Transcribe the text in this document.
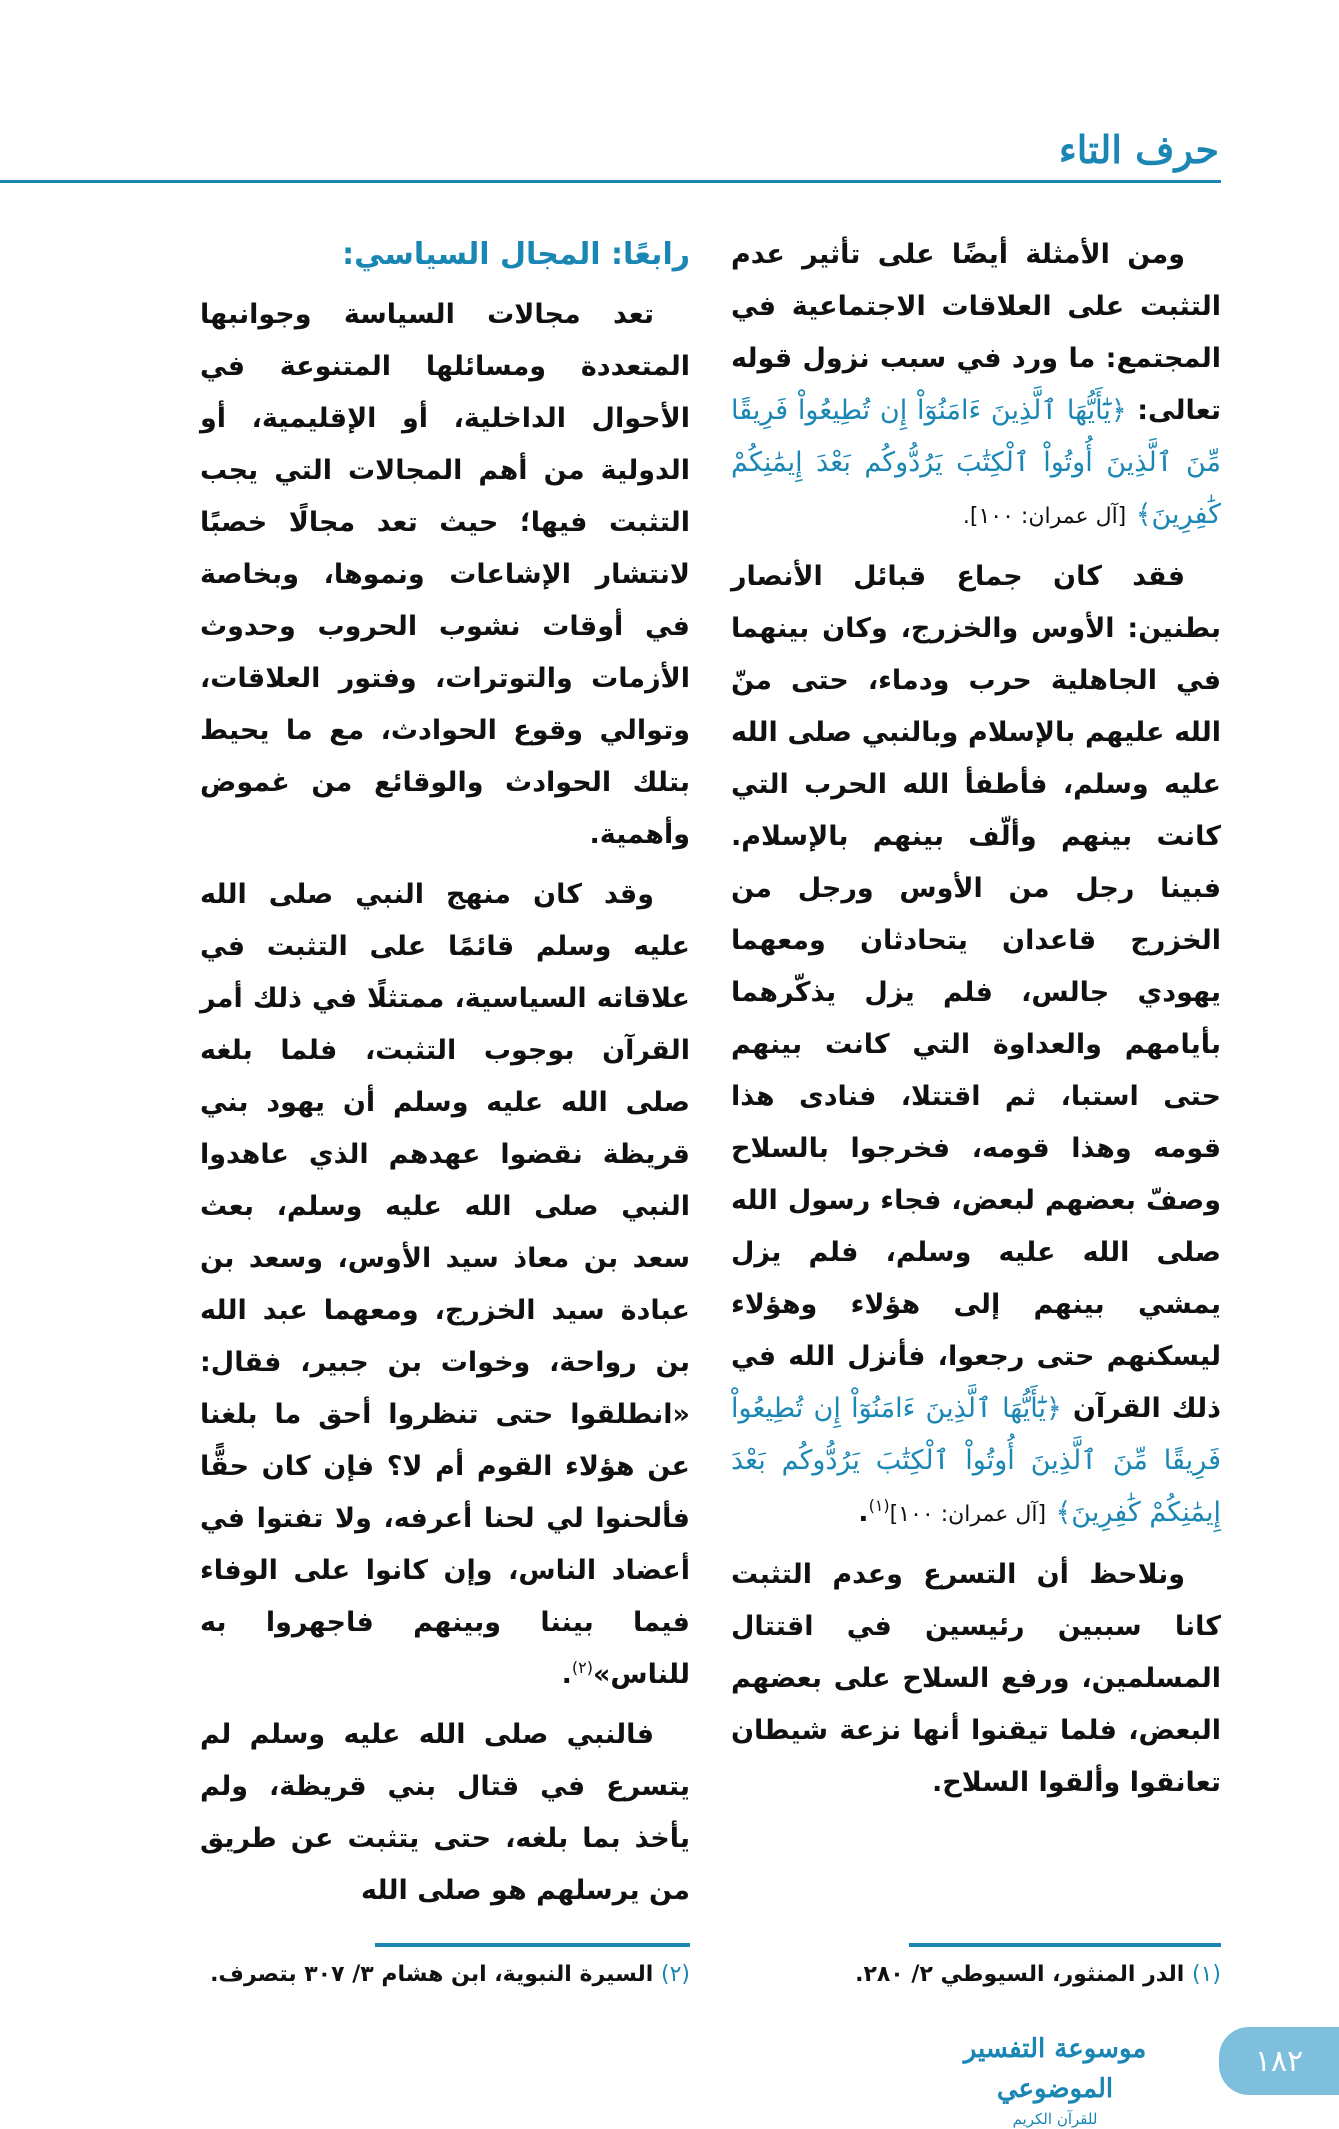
حرف التاء

ومن الأمثلة أيضًا على تأثير عدم التثبت على العلاقات الاجتماعية في المجتمع: ما ورد في سبب نزول قوله تعالى: ﴿يَٰٓأَيُّهَا ٱلَّذِينَ ءَامَنُوٓاْ إِن تُطِيعُواْ فَرِيقًا مِّنَ ٱلَّذِينَ أُوتُواْ ٱلْكِتَٰبَ يَرُدُّوكُم بَعْدَ إِيمَٰنِكُمْ كَٰفِرِينَ﴾ [آل عمران: ١٠٠].

فقد كان جماع قبائل الأنصار بطنين: الأوس والخزرج، وكان بينهما في الجاهلية حرب ودماء، حتى منّ الله عليهم بالإسلام وبالنبي صلى الله عليه وسلم، فأطفأ الله الحرب التي كانت بينهم وألّف بينهم بالإسلام. فبينا رجل من الأوس ورجل من الخزرج قاعدان يتحادثان ومعهما يهودي جالس، فلم يزل يذكّرهما بأيامهم والعداوة التي كانت بينهم حتى استبا، ثم اقتتلا، فنادى هذا قومه وهذا قومه، فخرجوا بالسلاح وصفّ بعضهم لبعض، فجاء رسول الله صلى الله عليه وسلم، فلم يزل يمشي بينهم إلى هؤلاء وهؤلاء ليسكنهم حتى رجعوا، فأنزل الله في ذلك القرآن ﴿يَٰٓأَيُّهَا ٱلَّذِينَ ءَامَنُوٓاْ إِن تُطِيعُواْ فَرِيقًا مِّنَ ٱلَّذِينَ أُوتُواْ ٱلْكِتَٰبَ يَرُدُّوكُم بَعْدَ إِيمَٰنِكُمْ كَٰفِرِينَ﴾ [آل عمران: ١٠٠]$^{(١)}$.

ونلاحظ أن التسرع وعدم التثبت كانا سببين رئيسين في اقتتال المسلمين، ورفع السلاح على بعضهم البعض، فلما تيقنوا أنها نزعة شيطان تعانقوا وألقوا السلاح.

رابعًا: المجال السياسي:

تعد مجالات السياسة وجوانبها المتعددة ومسائلها المتنوعة في الأحوال الداخلية، أو الإقليمية، أو الدولية من أهم المجالات التي يجب التثبت فيها؛ حيث تعد مجالًا خصبًا لانتشار الإشاعات ونموها، وبخاصة في أوقات نشوب الحروب وحدوث الأزمات والتوترات، وفتور العلاقات، وتوالي وقوع الحوادث، مع ما يحيط بتلك الحوادث والوقائع من غموض وأهمية.

وقد كان منهج النبي صلى الله عليه وسلم قائمًا على التثبت في علاقاته السياسية، ممتثلًا في ذلك أمر القرآن بوجوب التثبت، فلما بلغه صلى الله عليه وسلم أن يهود بني قريظة نقضوا عهدهم الذي عاهدوا النبي صلى الله عليه وسلم، بعث سعد بن معاذ سيد الأوس، وسعد بن عبادة سيد الخزرج، ومعهما عبد الله بن رواحة، وخوات بن جبير، فقال: «انطلقوا حتى تنظروا أحق ما بلغنا عن هؤلاء القوم أم لا؟ فإن كان حقًّا فألحنوا لي لحنا أعرفه، ولا تفتوا في أعضاد الناس، وإن كانوا على الوفاء فيما بيننا وبينهم فاجهروا به للناس»$^{(٢)}$.

فالنبي صلى الله عليه وسلم لم يتسرع في قتال بني قريظة، ولم يأخذ بما بلغه، حتى يتثبت عن طريق من يرسلهم هو صلى الله

(١) الدر المنثور، السيوطي ٢/ ٢٨٠.
(٢) السيرة النبوية، ابن هشام ٣/ ٣٠٧ بتصرف.
موسوعة التفسير الموضوعي
للقرآن الكريم
١٨٢
